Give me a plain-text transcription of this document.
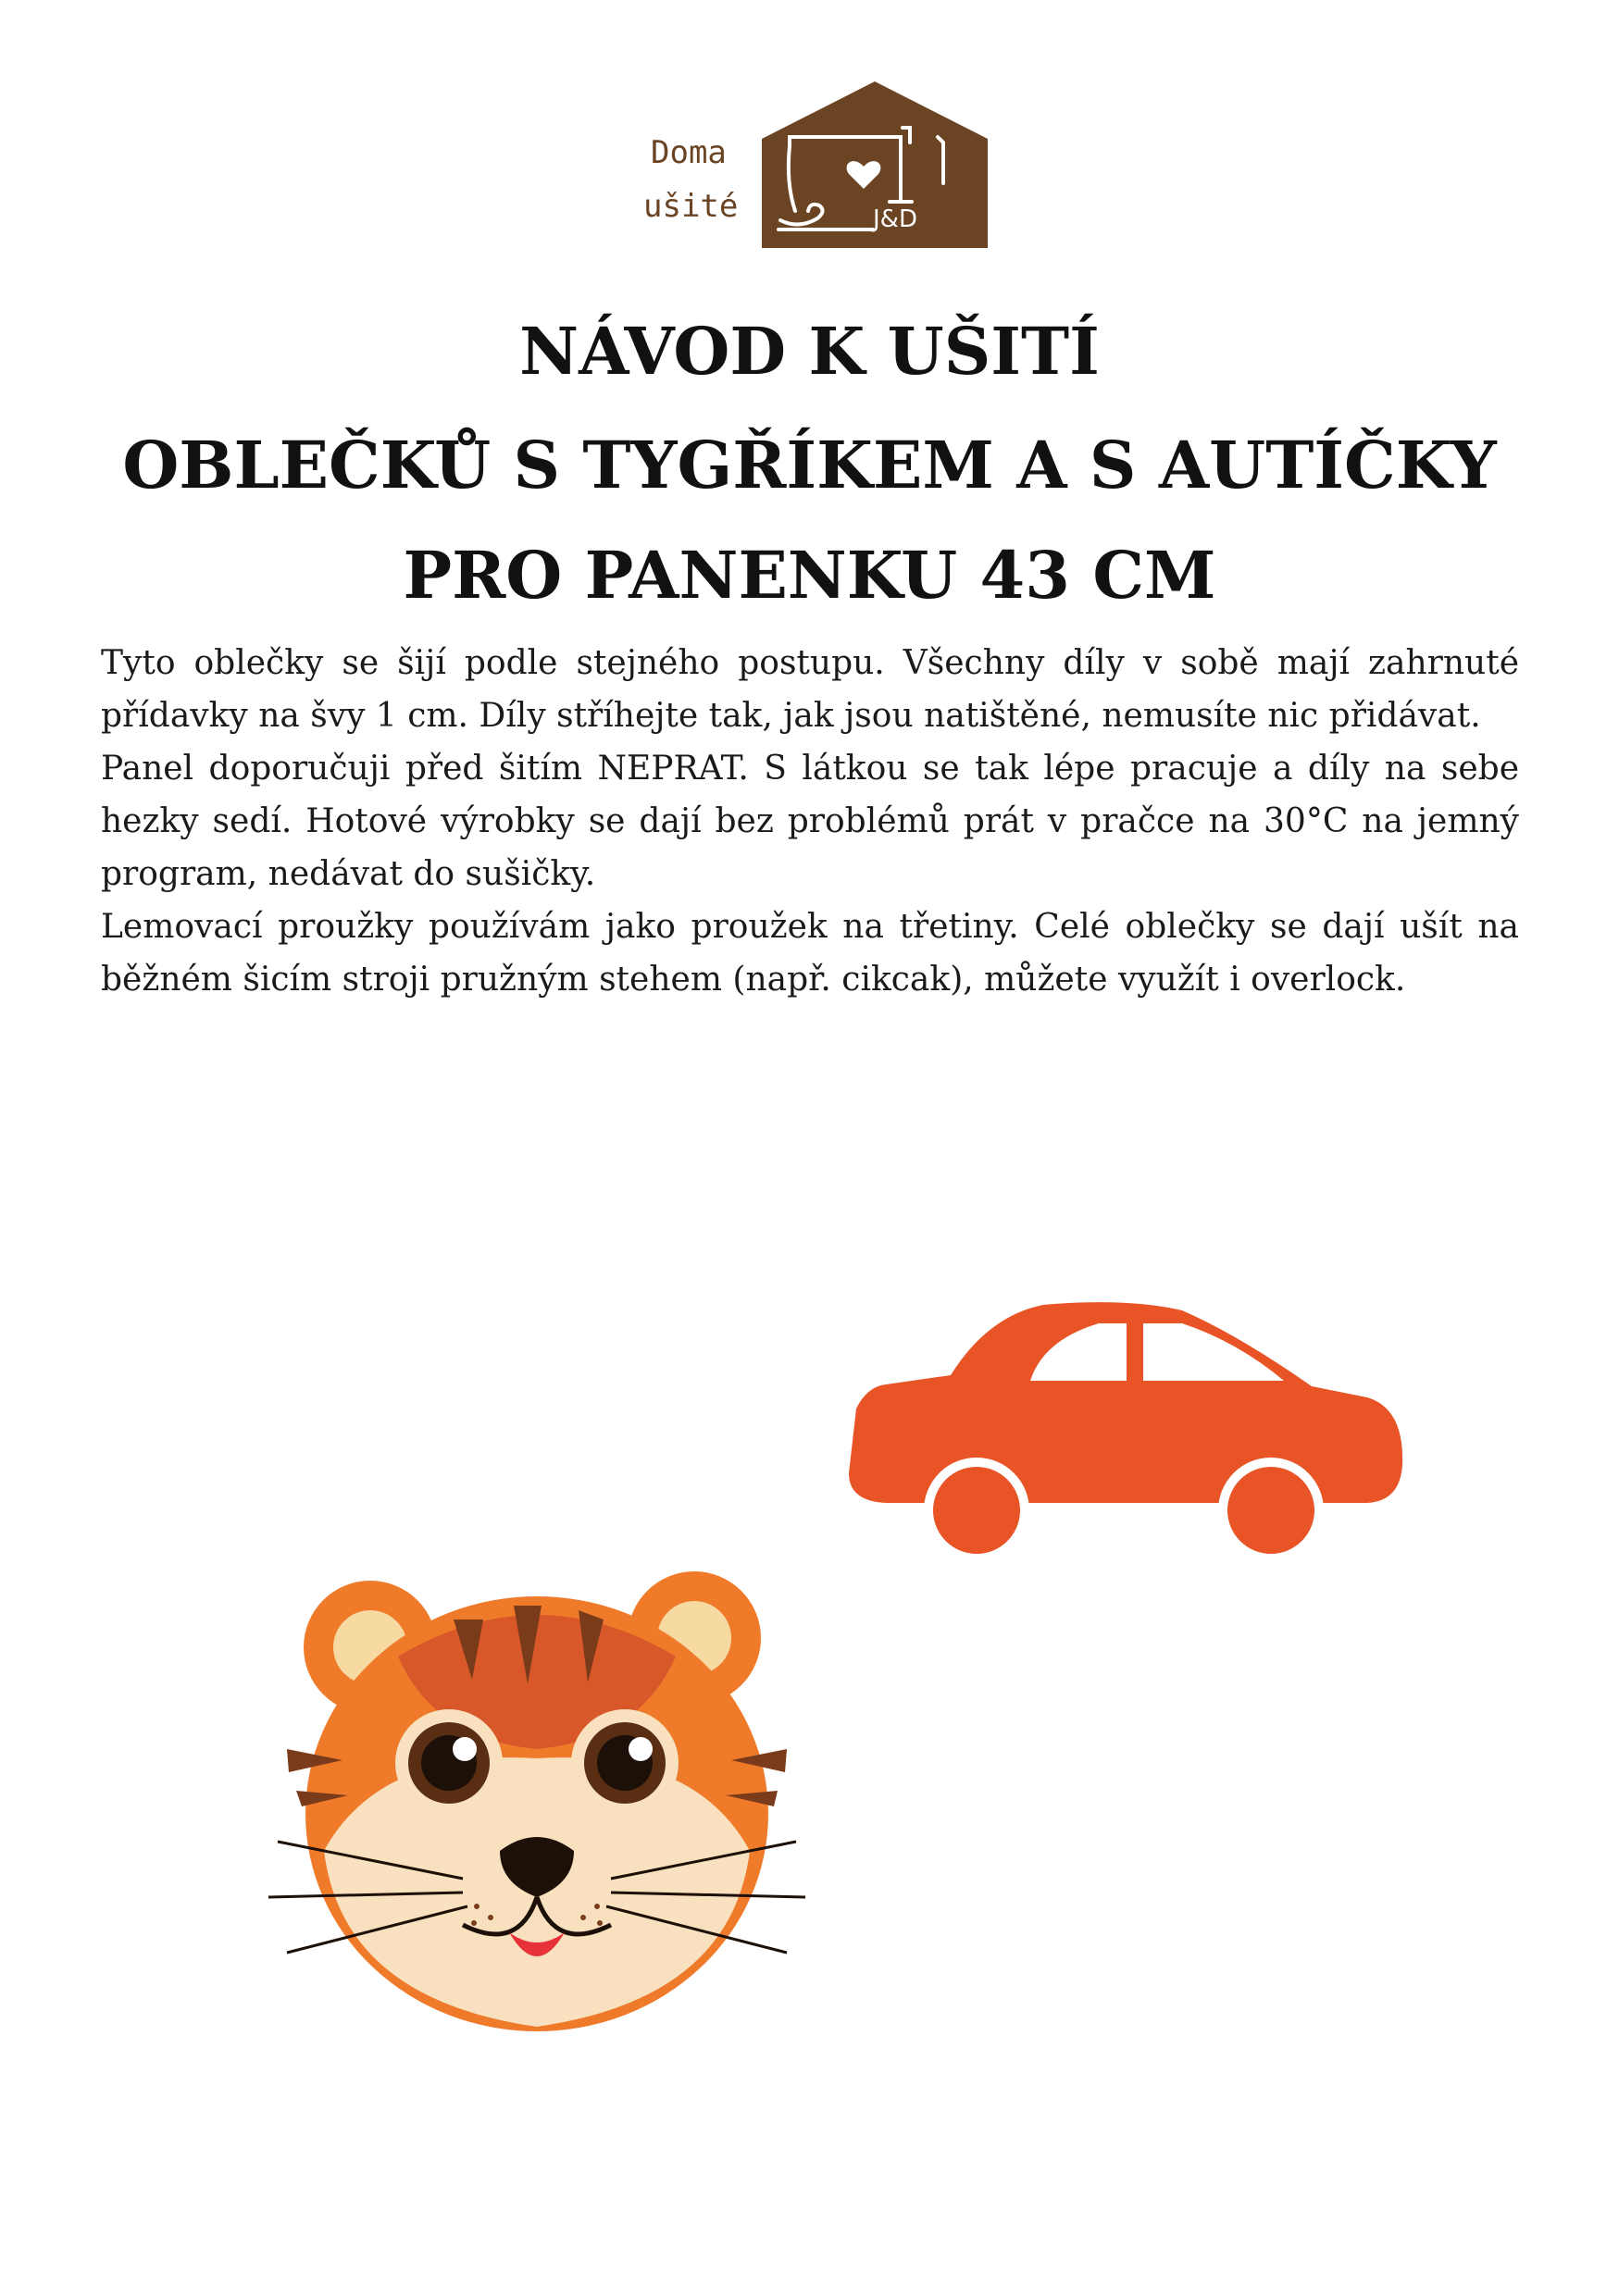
Doma
ušité	J&D
NÁVOD K UŠITÍ
OBLEČKŮ S TYGŘÍKEM A S AUTÍČKY
PRO PANENKU 43 CM

Tyto oblečky se šijí podle stejného postupu. Všechny díly v sobě mají zahrnuté přídavky na švy 1 cm. Díly stříhejte tak, jak jsou natištěné, nemusíte nic přidávat.

Panel doporučuji před šitím NEPRAT. S látkou se tak lépe pracuje a díly na sebe hezky sedí. Hotové výrobky se dají bez problémů prát v pračce na 30°C na jemný program, nedávat do sušičky.

Lemovací proužky používám jako proužek na třetiny. Celé oblečky se dají ušít na běžném šicím stroji pružným stehem (např. cikcak), můžete využít i overlock.
